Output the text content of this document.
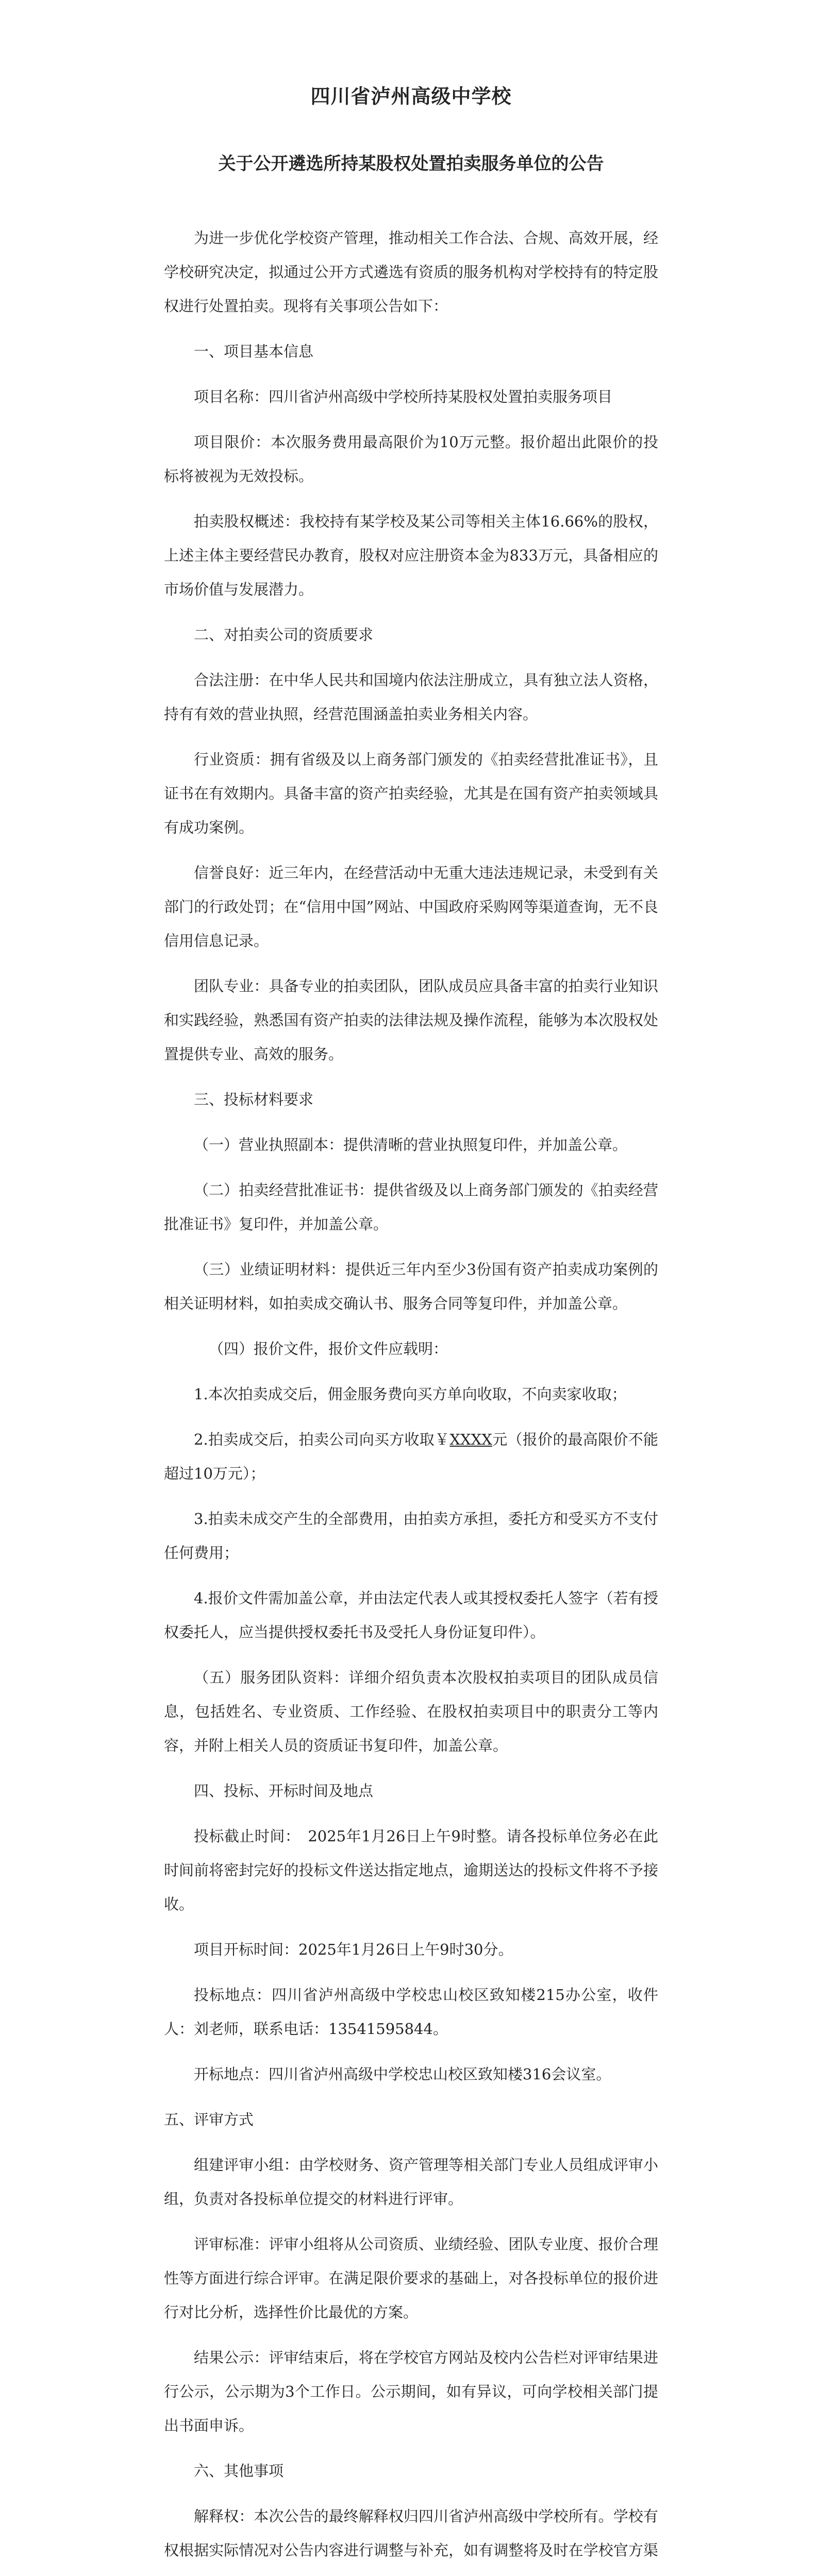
四川省泸州高级中学校
关于公开遴选所持某股权处置拍卖服务单位的公告

为进一步优化学校资产管理，推动相关工作合法、合规、高效开展，经学校研究决定，拟通过公开方式遴选有资质的服务机构对学校持有的特定股权进行处置拍卖。现将有关事项公告如下：

一、项目基本信息

项目名称：四川省泸州高级中学校所持某股权处置拍卖服务项目

项目限价：本次服务费用最高限价为10万元整。报价超出此限价的投标将被视为无效投标。

拍卖股权概述：我校持有某学校及某公司等相关主体16.66%的股权，上述主体主要经营民办教育，股权对应注册资本金为833万元，具备相应的市场价值与发展潜力。

二、对拍卖公司的资质要求

合法注册：在中华人民共和国境内依法注册成立，具有独立法人资格，持有有效的营业执照，经营范围涵盖拍卖业务相关内容。

行业资质：拥有省级及以上商务部门颁发的《拍卖经营批准证书》，且证书在有效期内。具备丰富的资产拍卖经验，尤其是在国有资产拍卖领域具有成功案例。

信誉良好：近三年内，在经营活动中无重大违法违规记录，未受到有关部门的行政处罚；在“信用中国”网站、中国政府采购网等渠道查询，无不良信用信息记录。

团队专业：具备专业的拍卖团队，团队成员应具备丰富的拍卖行业知识和实践经验，熟悉国有资产拍卖的法律法规及操作流程，能够为本次股权处置提供专业、高效的服务。

三、投标材料要求

（一）营业执照副本：提供清晰的营业执照复印件，并加盖公章。

（二）拍卖经营批准证书：提供省级及以上商务部门颁发的《拍卖经营批准证书》复印件，并加盖公章。

（三）业绩证明材料：提供近三年内至少3份国有资产拍卖成功案例的相关证明材料，如拍卖成交确认书、服务合同等复印件，并加盖公章。

（四）报价文件，报价文件应载明：

1.本次拍卖成交后，佣金服务费向买方单向收取，不向卖家收取；

2.拍卖成交后，拍卖公司向买方收取￥XXXX元（报价的最高限价不能超过10万元）；

3.拍卖未成交产生的全部费用，由拍卖方承担，委托方和受买方不支付任何费用；

4.报价文件需加盖公章，并由法定代表人或其授权委托人签字（若有授权委托人，应当提供授权委托书及受托人身份证复印件）。

（五）服务团队资料：详细介绍负责本次股权拍卖项目的团队成员信息，包括姓名、专业资质、工作经验、在股权拍卖项目中的职责分工等内容，并附上相关人员的资质证书复印件，加盖公章。

四、投标、开标时间及地点

投标截止时间：　2025年1月26日上午9时整。请各投标单位务必在此时间前将密封完好的投标文件送达指定地点，逾期送达的投标文件将不予接收。

项目开标时间：2025年1月26日上午9时30分。

投标地点：四川省泸州高级中学校忠山校区致知楼215办公室，收件人：刘老师，联系电话：13541595844。

开标地点：四川省泸州高级中学校忠山校区致知楼316会议室。

五、评审方式

组建评审小组：由学校财务、资产管理等相关部门专业人员组成评审小组，负责对各投标单位提交的材料进行评审。

评审标准：评审小组将从公司资质、业绩经验、团队专业度、报价合理性等方面进行综合评审。在满足限价要求的基础上，对各投标单位的报价进行对比分析，选择性价比最优的方案。

结果公示：评审结束后，将在学校官方网站及校内公告栏对评审结果进行公示，公示期为3个工作日。公示期间，如有异议，可向学校相关部门提出书面申诉。

六、其他事项

解释权：本次公告的最终解释权归四川省泸州高级中学校所有。学校有权根据实际情况对公告内容进行调整与补充，如有调整将及时在学校官方渠
